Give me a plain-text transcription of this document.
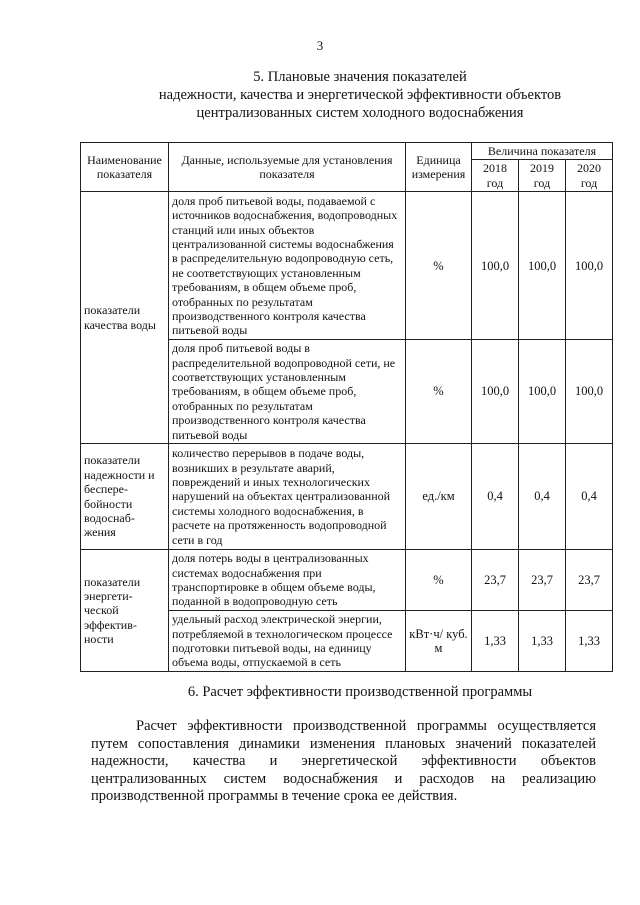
3
5. Плановые значения показателей
надежности, качества и энергетической эффективности объектов
централизованных систем холодного водоснабжения
Наименование показателя	Данные, используемые для установления показателя	Единица измерения	Величина показателя		
			2018 год	2019 год	2020 год
показатели качества воды	доля проб питьевой воды, подаваемой с источников водоснабжения, водопроводных станций или иных объектов централизованной системы водоснабжения в распределительную водопроводную сеть, не соответствующих установленным требованиям, в общем объеме проб, отобранных по результатам производственного контроля качества питьевой воды	%	100,0	100,0	100,0
	доля проб питьевой воды в распределительной водопроводной сети, не соответствующих установленным требованиям, в общем объеме проб, отобранных по результатам производственного контроля качества питьевой воды	%	100,0	100,0	100,0
показатели надежности и беспере-бойности водоснаб-жения	количество перерывов в подаче воды, возникших в результате аварий, повреждений и иных технологических нарушений на объектах централизованной системы холодного водоснабжения, в расчете на протяженность водопроводной сети в год	ед./км	0,4	0,4	0,4
показатели энергети-ческой эффектив-ности	доля потерь воды в централизованных системах водоснабжения при транспортировке в общем объеме воды, поданной в водопроводную сеть	%	23,7	23,7	23,7
	удельный расход электрической энергии, потребляемой в технологическом процессе подготовки питьевой воды, на единицу объема воды, отпускаемой в сеть	кВт·ч/ куб. м	1,33	1,33	1,33
6. Расчет эффективности производственной программы
Расчет эффективности производственной программы осуществляется путем сопоставления динамики изменения плановых значений показателей надежности, качества и энергетической эффективности объектов централизованных систем водоснабжения и расходов на реализацию производственной программы в течение срока ее действия.
